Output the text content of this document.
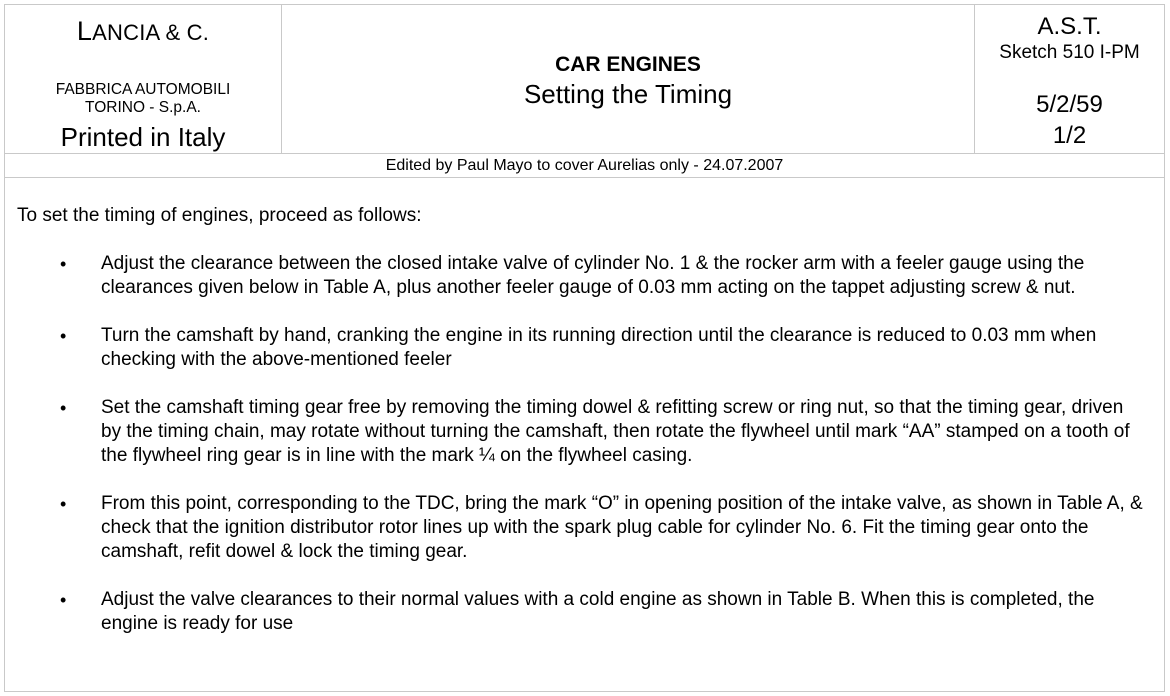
LANCIA & C.
FABBRICA AUTOMOBILI
TORINO - S.p.A.
Printed in Italy
CAR ENGINES
Setting the Timing
A.S.T.
Sketch 510 I-PM
5/2/59
1/2
Edited by Paul Mayo to cover Aurelias only - 24.07.2007

To set the timing of engines, proceed as follows:

• Adjust the clearance between the closed intake valve of cylinder No. 1 & the rocker arm with a feeler gauge using the clearances given below in Table A, plus another feeler gauge of 0.03 mm acting on the tappet adjusting screw & nut.
• Turn the camshaft by hand, cranking the engine in its running direction until the clearance is reduced to 0.03 mm when checking with the above-mentioned feeler
• Set the camshaft timing gear free by removing the timing dowel & refitting screw or ring nut, so that the timing gear, driven by the timing chain, may rotate without turning the camshaft, then rotate the flywheel until mark “AA” stamped on a tooth of the flywheel ring gear is in line with the mark ¼ on the flywheel casing.
• From this point, corresponding to the TDC, bring the mark “O” in opening position of the intake valve, as shown in Table A, & check that the ignition distributor rotor lines up with the spark plug cable for cylinder No. 6. Fit the timing gear onto the camshaft, refit dowel & lock the timing gear.
• Adjust the valve clearances to their normal values with a cold engine as shown in Table B. When this is completed, the engine is ready for use
